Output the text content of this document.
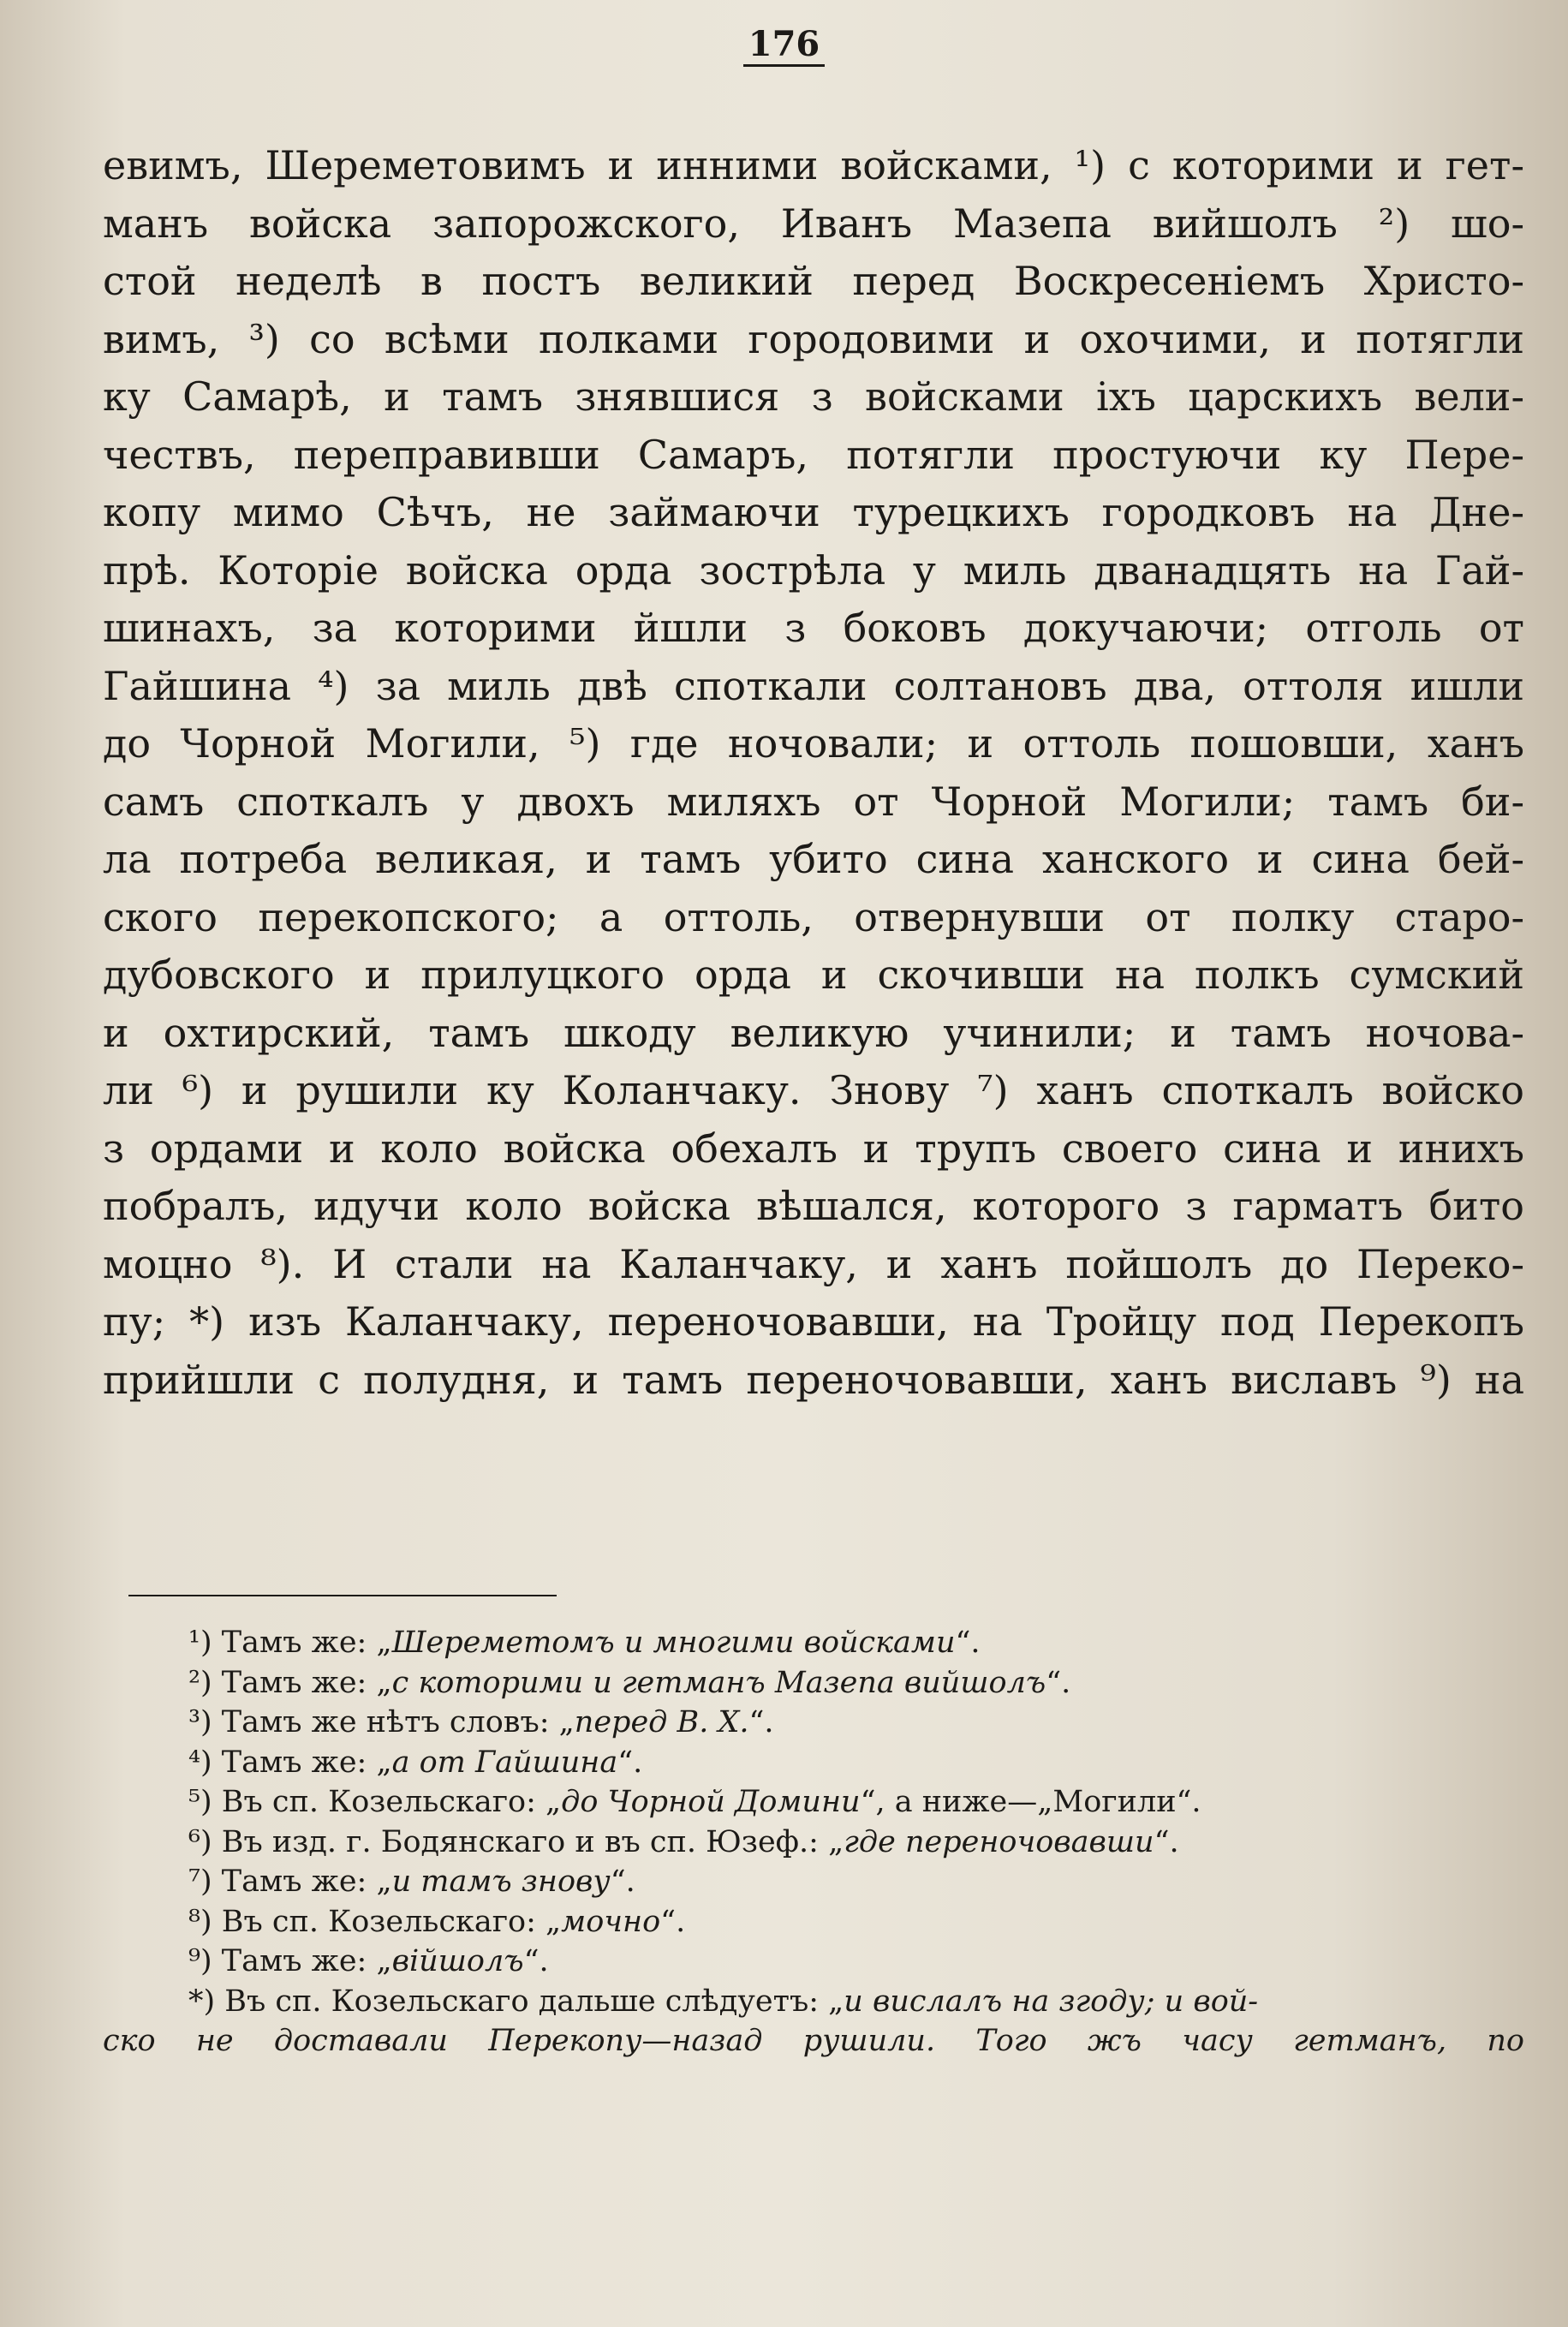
176
евимъ, Шереметовимъ и инними войсками, ¹) с которими и гет-
манъ войска запорожского, Иванъ Мазепа вийшолъ ²) шо-
стой неделѣ в постъ великий перед Воскресеніемъ Христо-
вимъ, ³) со всѣми полками городовими и охочими, и потягли
ку Самарѣ, и тамъ знявшися з войсками іхъ царскихъ вели-
чествъ, переправивши Самаръ, потягли простуючи ку Пере-
копу мимо Сѣчъ, не займаючи турецкихъ городковъ на Дне-
прѣ. Которіе войска орда зострѣла у миль дванадцять на Гай-
шинахъ, за которими йшли з боковъ докучаючи; отголь от
Гайшина ⁴) за миль двѣ споткали солтановъ два, оттоля ишли
до Чорной Могили, ⁵) где ночовали; и оттоль пошовши, ханъ
самъ споткалъ у двохъ миляхъ от Чорной Могили; тамъ би-
ла потреба великая, и тамъ убито сина ханского и сина бей-
ского перекопского; а оттоль, отвернувши от полку старо-
дубовского и прилуцкого орда и скочивши на полкъ сумский
и охтирский, тамъ шкоду великую учинили; и тамъ ночова-
ли ⁶) и рушили ку Коланчаку. Знову ⁷) ханъ споткалъ войско
з ордами и коло войска обехалъ и трупъ своего сина и инихъ
побралъ, идучи коло войска вѣшался, которого з гарматъ бито
моцно ⁸). И стали на Каланчаку, и ханъ пойшолъ до Переко-
пу; *) изъ Каланчаку, переночовавши, на Тройцу под Перекопъ
прийшли с полудня, и тамъ переночовавши, ханъ виславъ ⁹) на
¹) Тамъ же: „Шереметомъ и многими войсками“.
²) Тамъ же: „с которими и гетманъ Мазепа вийшолъ“.
³) Тамъ же нѣтъ словъ: „перед В. Х.“.
⁴) Тамъ же: „а от Гайшина“.
⁵) Въ сп. Козельскаго: „до Чорной Домини“, а ниже—„Могили“.
⁶) Въ изд. г. Бодянскаго и въ сп. Юзеф.: „где переночовавши“.
⁷) Тамъ же: „и тамъ знову“.
⁸) Въ сп. Козельскаго: „мочно“.
⁹) Тамъ же: „війшолъ“.
*) Въ сп. Козельскаго дальше слѣдуетъ: „и вислалъ на згоду; и вой-
ско не доставали Перекопу—назад рушили. Того жъ часу гетманъ, по
